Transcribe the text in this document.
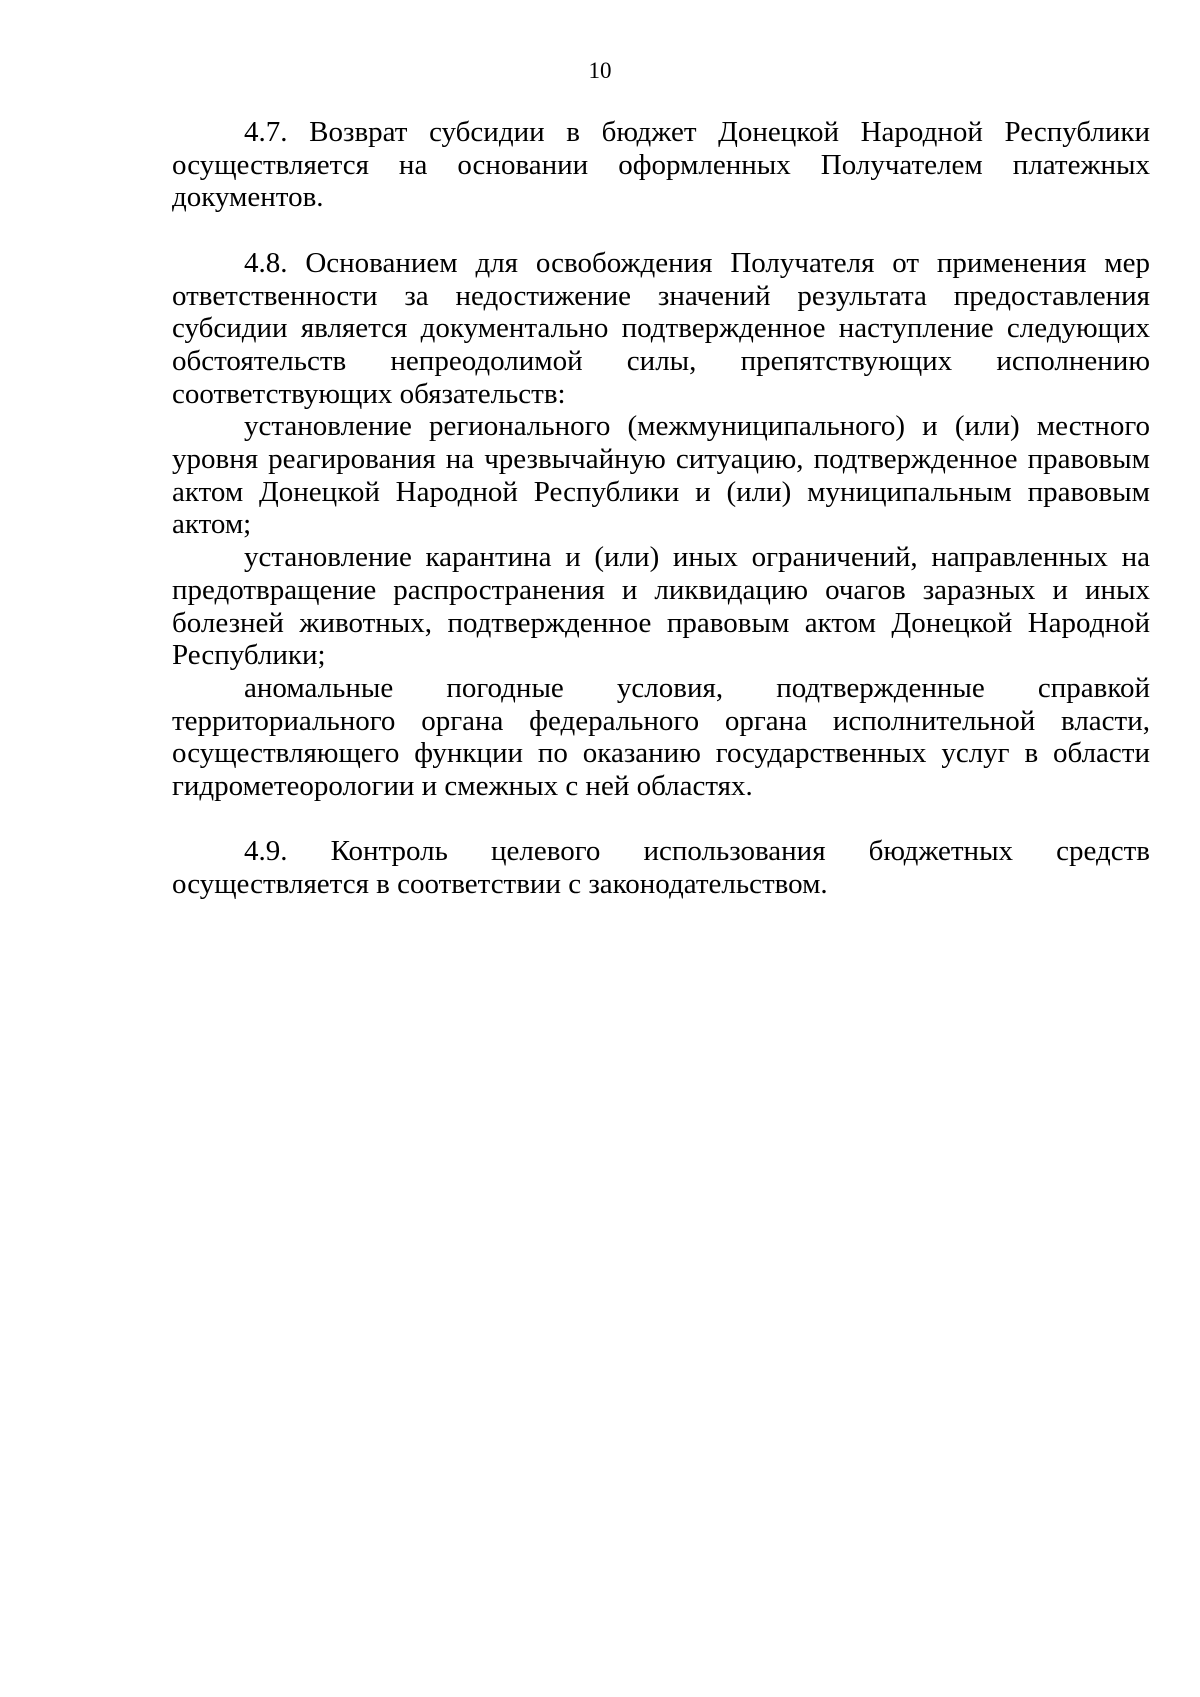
10

4.7. Возврат субсидии в бюджет Донецкой Народной Республики осуществляется на основании оформленных Получателем платежных документов.

4.8. Основанием для освобождения Получателя от применения мер ответственности за недостижение значений результата предоставления субсидии является документально подтвержденное наступление следующих обстоятельств непреодолимой силы, препятствующих исполнению соответствующих обязательств:

установление регионального (межмуниципального) и (или) местного уровня реагирования на чрезвычайную ситуацию, подтвержденное правовым актом Донецкой Народной Республики и (или) муниципальным правовым актом;

установление карантина и (или) иных ограничений, направленных на предотвращение распространения и ликвидацию очагов заразных и иных болезней животных, подтвержденное правовым актом Донецкой Народной Республики;

аномальные погодные условия, подтвержденные справкой территориального органа федерального органа исполнительной власти, осуществляющего функции по оказанию государственных услуг в области гидрометеорологии и смежных с ней областях.

4.9. Контроль целевого использования бюджетных средств осуществляется в соответствии с законодательством.
